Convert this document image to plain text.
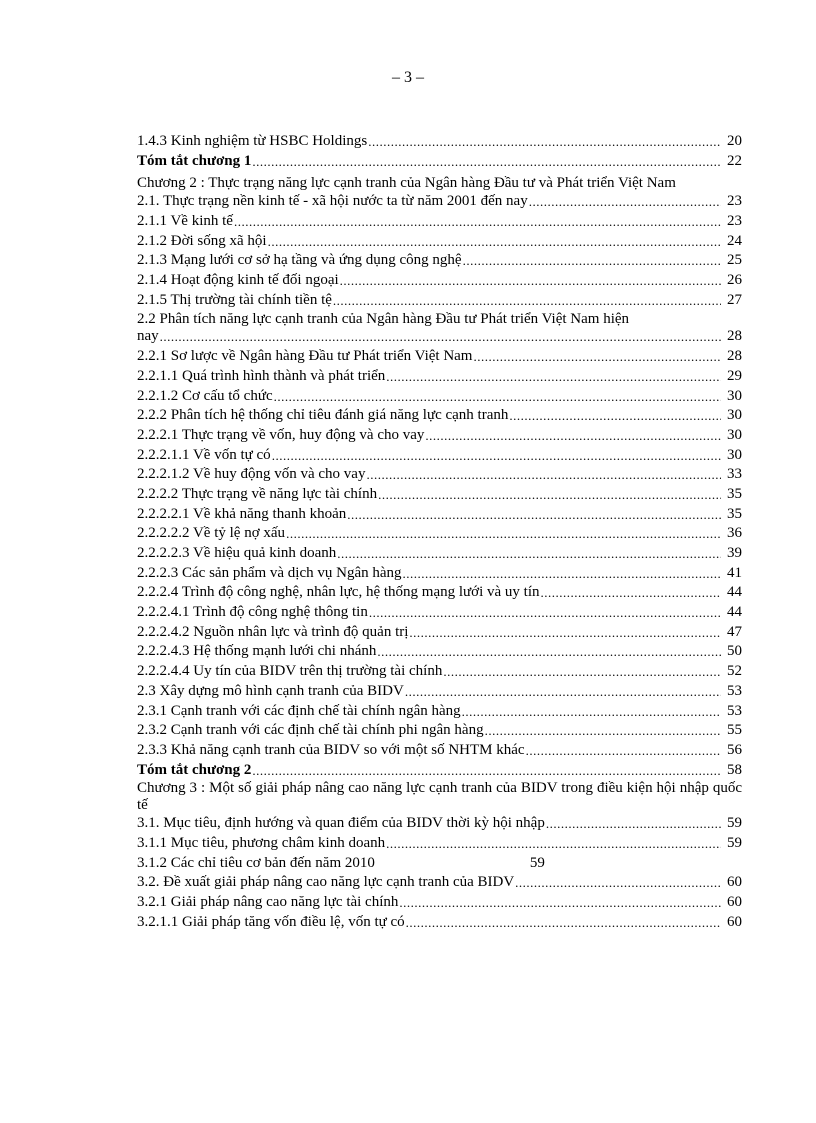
– 3 –
1.4.3 Kinh nghiệm từ HSBC Holdings .....	20
Tóm tắt chương 1 .....	22

Chương 2 : Thực trạng năng lực cạnh tranh của Ngân hàng Đầu tư và Phát triển Việt Nam

2.1. Thực trạng nền kinh tế - xã hội nước ta từ năm 2001 đến nay .....	23
2.1.1 Về kinh tế .....	23
2.1.2 Đời sống xã hội .....	24
2.1.3 Mạng lưới cơ sở hạ tầng và ứng dụng công nghệ .....	25
2.1.4 Hoạt động kinh tế đối ngoại .....	26
2.1.5 Thị trường tài chính tiền tệ .....	27

2.2 Phân tích năng lực cạnh tranh của Ngân hàng Đầu tư Phát triển Việt Nam hiện

nay .....	28
2.2.1 Sơ lược về Ngân hàng Đầu tư Phát triển Việt Nam .....	28
2.2.1.1 Quá trình hình thành và phát triển .....	29
2.2.1.2 Cơ cấu tổ chức .....	30
2.2.2 Phân tích hệ thống chỉ tiêu đánh giá năng lực cạnh tranh .....	30
2.2.2.1 Thực trạng về vốn, huy động và cho vay .....	30
2.2.2.1.1 Về vốn tự có .....	30
2.2.2.1.2 Về huy động vốn và cho vay .....	33
2.2.2.2 Thực trạng về năng lực tài chính .....	35
2.2.2.2.1 Về khả năng thanh khoản .....	35
2.2.2.2.2 Về tỷ lệ nợ xấu .....	36
2.2.2.2.3 Về hiệu quả kinh doanh .....	39
2.2.2.3 Các sản phẩm và dịch vụ Ngân hàng .....	41
2.2.2.4 Trình độ công nghệ, nhân lực, hệ thống mạng lưới và uy tín .....	44
2.2.2.4.1 Trình độ công nghệ thông tin .....	44
2.2.2.4.2 Nguồn nhân lực và trình độ quản trị .....	47
2.2.2.4.3 Hệ thống mạnh lưới chi nhánh .....	50
2.2.2.4.4 Uy tín của BIDV trên thị trường tài chính .....	52
2.3 Xây dựng mô hình cạnh tranh của BIDV .....	53
2.3.1 Cạnh tranh với các định chế tài chính ngân hàng .....	53
2.3.2 Cạnh tranh với các định chế tài chính phi ngân hàng .....	55
2.3.3 Khả năng cạnh tranh của BIDV so với một số NHTM khác .....	56
Tóm tắt chương 2 .....	58

Chương 3 : Một số giải pháp nâng cao năng lực cạnh tranh của BIDV trong điều kiện hội nhập quốc tế

3.1. Mục tiêu, định hướng và quan điểm của BIDV thời kỳ hội nhập .....	59
3.1.1 Mục tiêu, phương châm kinh doanh .....	59
3.1.2 Các chỉ tiêu cơ bản đến năm 2010	59
3.2. Đề xuất giải pháp nâng cao năng lực cạnh tranh của BIDV .....	60
3.2.1 Giải pháp nâng cao năng lực tài chính .....	60
3.2.1.1 Giải pháp tăng vốn điều lệ, vốn tự có .....	60
